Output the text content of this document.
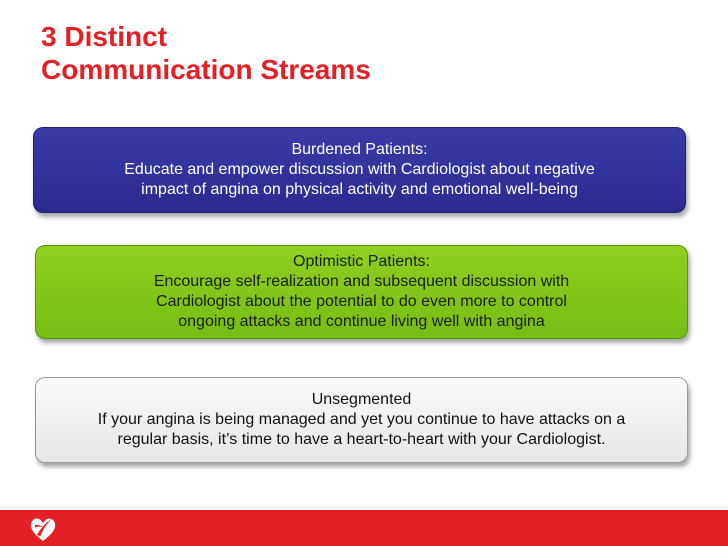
3 Distinct
Communication Streams
Burdened Patients:
Educate and empower discussion with Cardiologist about negative
impact of angina on physical activity and emotional well-being
Optimistic Patients:
Encourage self-realization and subsequent discussion with
Cardiologist about the potential to do even more to control
ongoing attacks and continue living well with angina
Unsegmented
If your angina is being managed and yet you continue to have attacks on a
regular basis, it’s time to have a heart-to-heart with your Cardiologist.
